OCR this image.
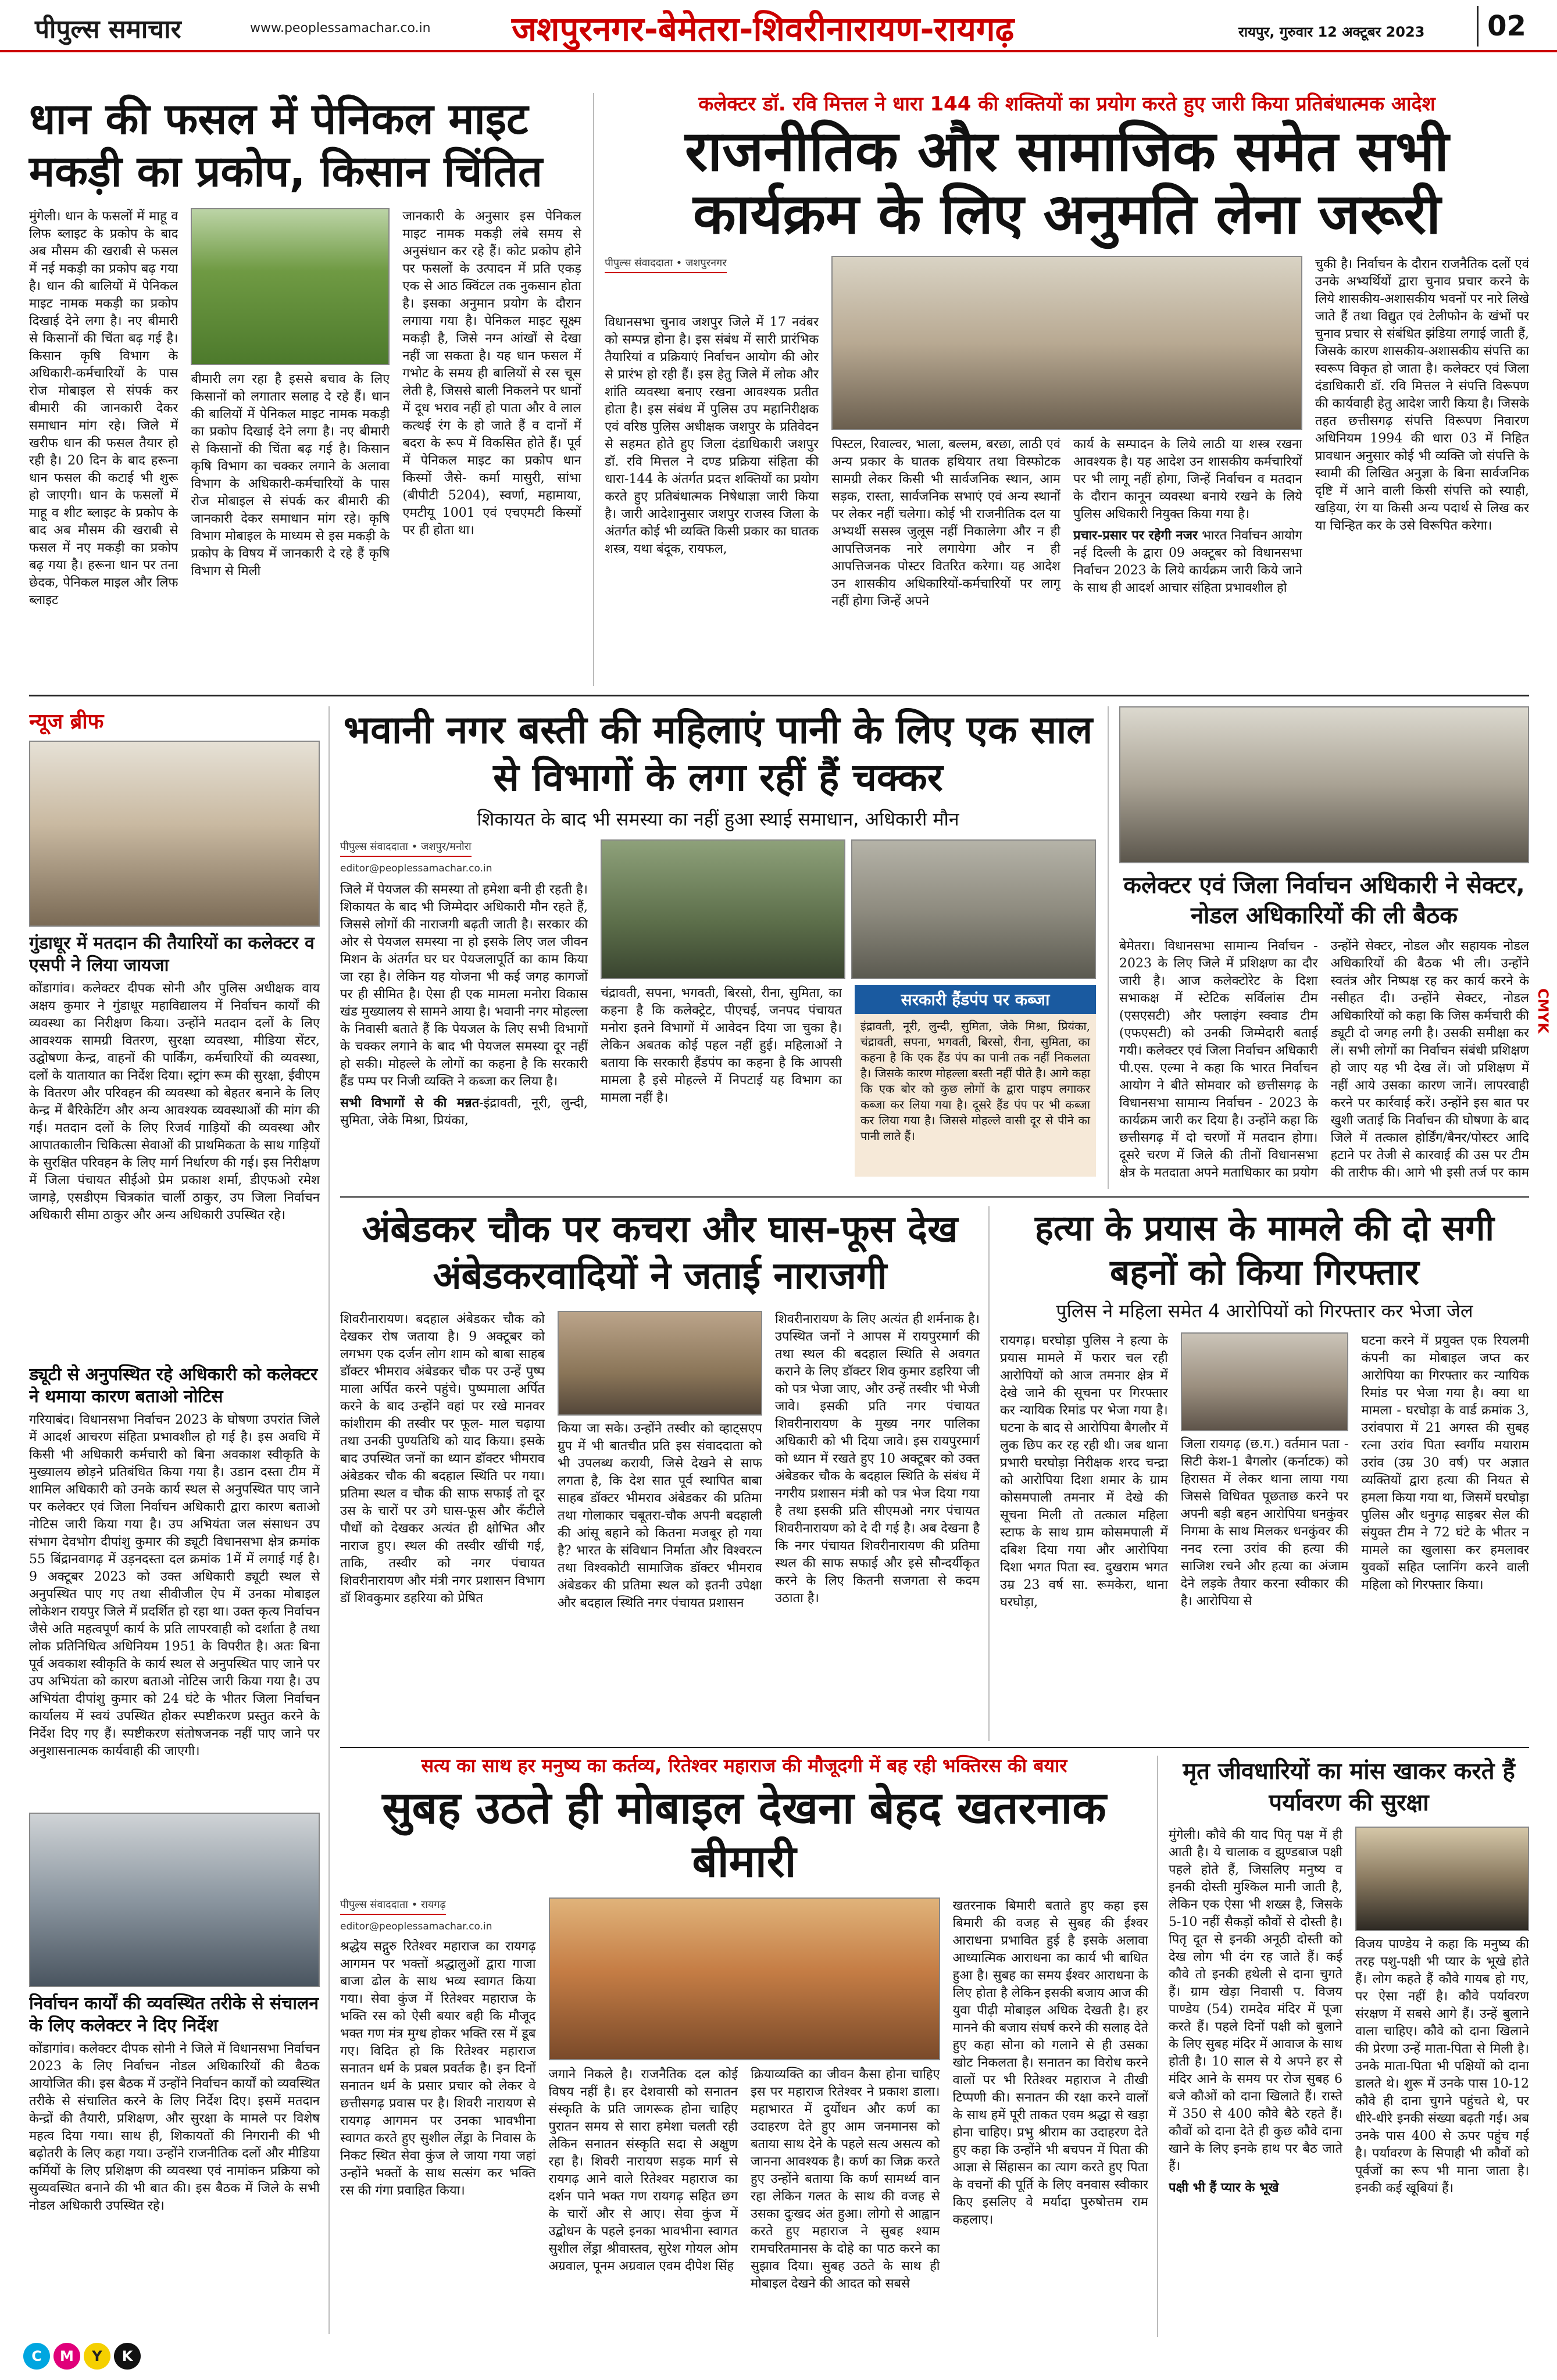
पीपुल्स समाचार	www.peoplessamachar.co.in जशपुरनगर-बेमेतरा-शिवरीनारायण-रायगढ़	रायपुर, गुरुवार 12 अक्टूबर 2023	02
धान की फसल में पेनिकल माइट मकड़ी का प्रकोप, किसान चिंतित

मुंगेली। धान के फसलों में माहू व लिफ ब्लाइट के प्रकोप के बाद अब मौसम की खराबी से फसल में नई मकड़ी का प्रकोप बढ़ गया है। धान की बालियों में पेनिकल माइट नामक मकड़ी का प्रकोप दिखाई देने लगा है। नए बीमारी से किसानों की चिंता बढ़ गई है। किसान कृषि विभाग के अधिकारी-कर्मचारियों के पास रोज मोबाइल से संपर्क कर बीमारी की जानकारी देकर समाधान मांग रहे। जिले में खरीफ धान की फसल तैयार हो रही है। 20 दिन के बाद हरूना धान फसल की कटाई भी शुरू हो जाएगी। धान के फसलों में माहू व शीट ब्लाइट के प्रकोप के बाद अब मौसम की खराबी से फसल में नए मकड़ी का प्रकोप बढ़ गया है। हरूना धान पर तना छेदक, पेनिकल माइल और लिफ ब्लाइट

बीमारी लग रहा है इससे बचाव के लिए किसानों को लगातार सलाह दे रहे हैं। धान की बालियों में पेनिकल माइट नामक मकड़ी का प्रकोप दिखाई देने लगा है। नए बीमारी से किसानों की चिंता बढ़ गई है। किसान कृषि विभाग का चक्कर लगाने के अलावा विभाग के अधिकारी-कर्मचारियों के पास रोज मोबाइल से संपर्क कर बीमारी की जानकारी देकर समाधान मांग रहे। कृषि विभाग मोबाइल के माध्यम से इस मकड़ी के प्रकोप के विषय में जानकारी दे रहे हैं कृषि विभाग से मिली

जानकारी के अनुसार इस पेनिकल माइट नामक मकड़ी लंबे समय से अनुसंधान कर रहे हैं। कोट प्रकोप होने पर फसलों के उत्पादन में प्रति एकड़ एक से आठ क्विंटल तक नुकसान होता है। इसका अनुमान प्रयोग के दौरान लगाया गया है। पेनिकल माइट सूक्ष्म मकड़ी है, जिसे नग्न आंखों से देखा नहीं जा सकता है। यह धान फसल में गभोट के समय ही बालियों से रस चूस लेती है, जिससे बाली निकलने पर धानों में दूध भराव नहीं हो पाता और वे लाल कत्थई रंग के हो जाते हैं व दानों में बदरा के रूप में विकसित होते हैं। पूर्व में पेनिकल माइट का प्रकोप धान किस्मों जैसे- कर्मा मासुरी, सांभा (बीपीटी 5204), स्वर्णा, महामाया, एमटीयू 1001 एवं एचएमटी किस्मों पर ही होता था।

कलेक्टर डॉ. रवि मित्तल ने धारा 144 की शक्तियों का प्रयोग करते हुए जारी किया प्रतिबंधात्मक आदेश
राजनीतिक और सामाजिक समेत सभी कार्यक्रम के लिए अनुमति लेना जरूरी
पीपुल्स संवाददाता • जशपुरनगर

विधानसभा चुनाव जशपुर जिले में 17 नवंबर को सम्पन्न होना है। इस संबंध में सारी प्रारंभिक तैयारियां व प्रक्रियाएं निर्वाचन आयोग की ओर से प्रारंभ हो रही हैं। इस हेतु जिले में लोक और शांति व्यवस्था बनाए रखना आवश्यक प्रतीत होता है। इस संबंध में पुलिस उप महानिरीक्षक एवं वरिष्ठ पुलिस अधीक्षक जशपुर के प्रतिवेदन से सहमत होते हुए जिला दंडाधिकारी जशपुर डॉ. रवि मित्तल ने दण्ड प्रक्रिया संहिता की धारा-144 के अंतर्गत प्रदत्त शक्तियों का प्रयोग करते हुए प्रतिबंधात्मक निषेधाज्ञा जारी किया है। जारी आदेशानुसार जशपुर राजस्व जिला के अंतर्गत कोई भी व्यक्ति किसी प्रकार का घातक शस्त्र, यथा बंदूक, रायफल,

पिस्टल, रिवाल्वर, भाला, बल्लम, बरछा, लाठी एवं अन्य प्रकार के घातक हथियार तथा विस्फोटक सामग्री लेकर किसी भी सार्वजनिक स्थान, आम सड़क, रास्ता, सार्वजनिक सभाएं एवं अन्य स्थानों पर लेकर नहीं चलेगा। कोई भी राजनीतिक दल या अभ्यर्थी ससस्त्र जुलूस नहीं निकालेगा और न ही आपत्तिजनक नारे लगायेगा और न ही आपत्तिजनक पोस्टर वितरित करेगा। यह आदेश उन शासकीय अधिकारियों-कर्मचारियों पर लागू नहीं होगा जिन्हें अपने

कार्य के सम्पादन के लिये लाठी या शस्त्र रखना आवश्यक है। यह आदेश उन शासकीय कर्मचारियों पर भी लागू नहीं होगा, जिन्हें निर्वाचन व मतदान के दौरान कानून व्यवस्था बनाये रखने के लिये पुलिस अधिकारी नियुक्त किया गया है।

प्रचार-प्रसार पर रहेगी नजर भारत निर्वाचन आयोग नई दिल्ली के द्वारा 09 अक्टूबर को विधानसभा निर्वाचन 2023 के लिये कार्यक्रम जारी किये जाने के साथ ही आदर्श आचार संहिता प्रभावशील हो

चुकी है। निर्वाचन के दौरान राजनैतिक दलों एवं उनके अभ्यर्थियों द्वारा चुनाव प्रचार करने के लिये शासकीय-अशासकीय भवनों पर नारे लिखे जाते हैं तथा विद्युत एवं टेलीफोन के खंभों पर चुनाव प्रचार से संबंधित झंडिया लगाई जाती हैं, जिसके कारण शासकीय-अशासकीय संपत्ति का स्वरूप विकृत हो जाता है। कलेक्टर एवं जिला दंडाधिकारी डॉ. रवि मित्तल ने संपत्ति विरूपण की कार्यवाही हेतु आदेश जारी किया है। जिसके तहत छत्तीसगढ़ संपत्ति विरूपण निवारण अधिनियम 1994 की धारा 03 में निहित प्रावधान अनुसार कोई भी व्यक्ति जो संपत्ति के स्वामी की लिखित अनुज्ञा के बिना सार्वजनिक दृष्टि में आने वाली किसी संपत्ति को स्याही, खड़िया, रंग या किसी अन्य पदार्थ से लिख कर या चिन्हित कर के उसे विरूपित करेगा।

न्यूज ब्रीफ
गुंडाधूर में मतदान की तैयारियों का कलेक्टर व एसपी ने लिया जायजा

कोंडागांव। कलेक्टर दीपक सोनी और पुलिस अधीक्षक वाय अक्षय कुमार ने गुंडाधूर महाविद्यालय में निर्वाचन कार्यों की व्यवस्था का निरीक्षण किया। उन्होंने मतदान दलों के लिए आवश्यक सामग्री वितरण, सुरक्षा व्यवस्था, मीडिया सेंटर, उद्घोषणा केन्द्र, वाहनों की पार्किंग, कर्मचारियों की व्यवस्था, दलों के यातायात का निर्देश दिया। स्ट्रांग रूम की सुरक्षा, ईवीएम के वितरण और परिवहन की व्यवस्था को बेहतर बनाने के लिए केन्द्र में बैरिकेटिंग और अन्य आवश्यक व्यवस्थाओं की मांग की गई। मतदान दलों के लिए रिजर्व गाड़ियों की व्यवस्था और आपातकालीन चिकित्सा सेवाओं की प्राथमिकता के साथ गाड़ियों के सुरक्षित परिवहन के लिए मार्ग निर्धारण की गई। इस निरीक्षण में जिला पंचायत सीईओ प्रेम प्रकाश शर्मा, डीएफओ रमेश जागड़े, एसडीएम चित्रकांत चार्ली ठाकुर, उप जिला निर्वाचन अधिकारी सीमा ठाकुर और अन्य अधिकारी उपस्थित रहे।

ड्यूटी से अनुपस्थित रहे अधिकारी को कलेक्टर ने थमाया कारण बताओ नोटिस

गरियाबंद। विधानसभा निर्वाचन 2023 के घोषणा उपरांत जिले में आदर्श आचरण संहिता प्रभावशील हो गई है। इस अवधि में किसी भी अधिकारी कर्मचारी को बिना अवकाश स्वीकृति के मुख्यालय छोड़ने प्रतिबंधित किया गया है। उडान दस्ता टीम में शामिल अधिकारी को उनके कार्य स्थल से अनुपस्थित पाए जाने पर कलेक्टर एवं जिला निर्वाचन अधिकारी द्वारा कारण बताओ नोटिस जारी किया गया है। उप अभियंता जल संसाधन उप संभाग देवभोग दीपांशु कुमार की ड्यूटी विधानसभा क्षेत्र क्रमांक 55 बिंद्रानवागढ़ में उड़नदस्ता दल क्रमांक 1में में लगाई गई है। 9 अक्टूबर 2023 को उक्त अधिकारी ड्यूटी स्थल से अनुपस्थित पाए गए तथा सीवीजील ऐप में उनका मोबाइल लोकेशन रायपुर जिले में प्रदर्शित हो रहा था। उक्त कृत्य निर्वाचन जैसे अति महत्वपूर्ण कार्य के प्रति लापरवाही को दर्शाता है तथा लोक प्रतिनिधित्व अधिनियम 1951 के विपरीत है। अतः बिना पूर्व अवकाश स्वीकृति के कार्य स्थल से अनुपस्थित पाए जाने पर उप अभियंता को कारण बताओ नोटिस जारी किया गया है। उप अभियंता दीपांशु कुमार को 24 घंटे के भीतर जिला निर्वाचन कार्यालय में स्वयं उपस्थित होकर स्पष्टीकरण प्रस्तुत करने के निर्देश दिए गए हैं। स्पष्टीकरण संतोषजनक नहीं पाए जाने पर अनुशासनात्मक कार्यवाही की जाएगी।

निर्वाचन कार्यों की व्यवस्थित तरीके से संचालन के लिए कलेक्टर ने दिए निर्देश

कोंडागांव। कलेक्टर दीपक सोनी ने जिले में विधानसभा निर्वाचन 2023 के लिए निर्वाचन नोडल अधिकारियों की बैठक आयोजित की। इस बैठक में उन्होंने निर्वाचन कार्यों को व्यवस्थित तरीके से संचालित करने के लिए निर्देश दिए। इसमें मतदान केन्द्रों की तैयारी, प्रशिक्षण, और सुरक्षा के मामले पर विशेष महत्व दिया गया। साथ ही, शिकायतों की निगरानी की भी बढ़ोतरी के लिए कहा गया। उन्होंने राजनीतिक दलों और मीडिया कर्मियों के लिए प्रशिक्षण की व्यवस्था एवं नामांकन प्रक्रिया को सुव्यवस्थित बनाने की भी बात की। इस बैठक में जिले के सभी नोडल अधिकारी उपस्थित रहे।

भवानी नगर बस्ती की महिलाएं पानी के लिए एक साल से विभागों के लगा रहीं हैं चक्कर
शिकायत के बाद भी समस्या का नहीं हुआ स्थाई समाधान, अधिकारी मौन
पीपुल्स संवाददाता • जशपुर/मनोरा
editor@peoplessamachar.co.in

जिले में पेयजल की समस्या तो हमेशा बनी ही रहती है। शिकायत के बाद भी जिम्मेदार अधिकारी मौन रहते हैं, जिससे लोगों की नाराजगी बढ़ती जाती है। सरकार की ओर से पेयजल समस्या ना हो इसके लिए जल जीवन मिशन के अंतर्गत घर घर पेयजलापूर्ति का काम किया जा रहा है। लेकिन यह योजना भी कई जगह कागजों पर ही सीमित है। ऐसा ही एक मामला मनोरा विकास खंड मुख्यालय से सामने आया है। भवानी नगर मोहल्ला के निवासी बताते हैं कि पेयजल के लिए सभी विभागों के चक्कर लगाने के बाद भी पेयजल समस्या दूर नहीं हो सकी। मोहल्ले के लोगों का कहना है कि सरकारी हैंड पम्प पर निजी व्यक्ति ने कब्जा कर लिया है।

सभी विभागों से की मन्नत-इंद्रावती, नूरी, लुन्दी, सुमिता, जेके मिश्रा, प्रियंका,

चंद्रावती, सपना, भगवती, बिरसो, रीना, सुमिता, का कहना है कि कलेक्ट्रेट, पीएचई, जनपद पंचायत मनोरा इतने विभागों में आवेदन दिया जा चुका है। लेकिन अबतक कोई पहल नहीं हुई। महिलाओं ने बताया कि सरकारी हैंडपंप का कहना है कि आपसी मामला है इसे मोहल्ले में निपटाई यह विभाग का मामला नहीं है।

सरकारी हैंडपंप पर कब्जा

इंद्रावती, नूरी, लुन्दी, सुमिता, जेके मिश्रा, प्रियंका, चंद्रावती, सपना, भगवती, बिरसो, रीना, सुमिता, का कहना है कि एक हैंड पंप का पानी तक नहीं निकलता है। जिसके कारण मोहल्ला बस्ती नहीं पीते है। आगे कहा कि एक बोर को कुछ लोगों के द्वारा पाइप लगाकर कब्जा कर लिया गया है। दूसरे हैंड पंप पर भी कब्जा कर लिया गया है। जिससे मोहल्ले वासी दूर से पीने का पानी लाते हैं।

कलेक्टर एवं जिला निर्वाचन अधिकारी ने सेक्टर, नोडल अधिकारियों की ली बैठक

बेमेतरा। विधानसभा सामान्य निर्वाचन - 2023 के लिए जिले में प्रशिक्षण का दौर जारी है। आज कलेक्टोरेट के दिशा सभाकक्ष में स्टेटिक सर्विलांस टीम (एसएसटी) और फ्लाइंग स्क्वाड टीम (एफएसटी) को उनकी जिम्मेदारी बताई गयी। कलेक्टर एवं जिला निर्वाचन अधिकारी पी.एस. एल्मा ने कहा कि भारत निर्वाचन आयोग ने बीते सोमवार को छत्तीसगढ़ के विधानसभा सामान्य निर्वाचन - 2023 के कार्यक्रम जारी कर दिया है। उन्होंने कहा कि छत्तीसगढ़ में दो चरणों में मतदान होगा। दूसरे चरण में जिले की तीनों विधानसभा क्षेत्र के मतदाता अपने मताधिकार का प्रयोग

उन्होंने सेक्टर, नोडल और सहायक नोडल अधिकारियों की बैठक भी ली। उन्होंने स्वतंत्र और निष्पक्ष रह कर कार्य करने के नसीहत दी। उन्होंने सेक्टर, नोडल अधिकारियों को कहा कि जिस कर्मचारी की ड्यूटी दो जगह लगी है। उसकी समीक्षा कर लें। सभी लोगों का निर्वाचन संबंधी प्रशिक्षण हो जाए यह भी देख लें। जो प्रशिक्षण में नहीं आये उसका कारण जानें। लापरवाही करने पर कार्रवाई करें। उन्होंने इस बात पर खुशी जताई कि निर्वाचन की घोषणा के बाद जिले में तत्काल होर्डिंग/बैनर/पोस्टर आदि हटाने पर तेजी से कारवाई की उस पर टीम की तारीफ की। आगे भी इसी तर्ज पर काम

अंबेडकर चौक पर कचरा और घास-फूस देख अंबेडकरवादियों ने जताई नाराजगी

शिवरीनारायण। बदहाल अंबेडकर चौक को देखकर रोष जताया है। 9 अक्टूबर को लगभग एक दर्जन लोग शाम को बाबा साहब डॉक्टर भीमराव अंबेडकर चौक पर उन्हें पुष्प माला अर्पित करने पहुंचे। पुष्पमाला अर्पित करने के बाद उन्होंने वहां पर रखे मानवर कांशीराम की तस्वीर पर फूल- माल चढ़ाया तथा उनकी पुण्यतिथि को याद किया। इसके बाद उपस्थित जनों का ध्यान डॉक्टर भीमराव अंबेडकर चौक की बदहाल स्थिति पर गया। प्रतिमा स्थल व चौक की साफ सफाई तो दूर उस के चारों पर उगे घास-फूस और कँटीले पौधों को देखकर अत्यंत ही क्षोभित और नाराज हुए। स्थल की तस्वीर खींची गई, ताकि, तस्वीर को नगर पंचायत शिवरीनारायण और मंत्री नगर प्रशासन विभाग डॉ शिवकुमार डहरिया को प्रेषित

किया जा सके। उन्होंने तस्वीर को व्हाट्सएप ग्रुप में भी बातचीत प्रति इस संवाददाता को भी उपलब्ध करायी, जिसे देखने से साफ लगता है, कि देश सात पूर्व स्थापित बाबा साहब डॉक्टर भीमराव अंबेडकर की प्रतिमा तथा गोलाकार चबूतरा-चौक अपनी बदहाली की आंसू बहाने को कितना मजबूर हो गया है? भारत के संविधान निर्माता और विश्वरत्न तथा विश्वकोटी सामाजिक डॉक्टर भीमराव अंबेडकर की प्रतिमा स्थल को इतनी उपेक्षा और बदहाल स्थिति नगर पंचायत प्रशासन

शिवरीनारायण के लिए अत्यंत ही शर्मनाक है। उपस्थित जनों ने आपस में रायपुरमार्ग की तथा स्थल की बदहाल स्थिति से अवगत कराने के लिए डॉक्टर शिव कुमार डहरिया जी को पत्र भेजा जाए, और उन्हें तस्वीर भी भेजी जावे। इसकी प्रति नगर पंचायत शिवरीनारायण के मुख्य नगर पालिका अधिकारी को भी दिया जावे। इस रायपुरमार्ग को ध्यान में रखते हुए 10 अक्टूबर को उक्त अंबेडकर चौक के बदहाल स्थिति के संबंध में नगरीय प्रशासन मंत्री को पत्र भेज दिया गया है तथा इसकी प्रति सीएमओ नगर पंचायत शिवरीनारायण को दे दी गई है। अब देखना है कि नगर पंचायत शिवरीनारायण की प्रतिमा स्थल की साफ सफाई और इसे सौन्दर्यीकृत करने के लिए कितनी सजगता से कदम उठाता है।

हत्या के प्रयास के मामले की दो सगी बहनों को किया गिरफ्तार
पुलिस ने महिला समेत 4 आरोपियों को गिरफ्तार कर भेजा जेल

रायगढ़। घरघोड़ा पुलिस ने हत्या के प्रयास मामले में फरार चल रही आरोपियों को आज तमनार क्षेत्र में देखे जाने की सूचना पर गिरफ्तार कर न्यायिक रिमांड पर भेजा गया है। घटना के बाद से आरोपिया बैगलौर में लुक छिप कर रह रही थी। जब थाना प्रभारी घरघोड़ा निरीक्षक शरद चन्द्रा को आरोपिया दिशा शमार के ग्राम कोसमपाली तमनार में देखे की सूचना मिली तो तत्काल महिला स्टाफ के साथ ग्राम कोसमपाली में दबिश दिया गया और आरोपिया दिशा भगत पिता स्व. दुखराम भगत उम्र 23 वर्ष सा. रूमकेरा, थाना घरघोड़ा,

जिला रायगढ़ (छ.ग.) वर्तमान पता - सिटी केश-1 बैगलोर (कर्नाटक) को हिरासत में लेकर थाना लाया गया जिससे विधिवत पूछताछ करने पर अपनी बड़ी बहन आरोपिया धनकुंवर निगमा के साथ मिलकर धनकुंवर की ननद रत्ना उरांव की हत्या की साजिश रचने और हत्या का अंजाम देने लड़के तैयार करना स्वीकार की है। आरोपिया से

घटना करने में प्रयुक्त एक रियलमी कंपनी का मोबाइल जप्त कर आरोपिया का गिरफ्तार कर न्यायिक रिमांड पर भेजा गया है। क्या था मामला - घरघोड़ा के वार्ड क्रमांक 3, उरांवपारा में 21 अगस्त की सुबह रत्ना उरांव पिता स्वर्गीय मयाराम उरांव (उम्र 30 वर्ष) पर अज्ञात व्यक्तियों द्वारा हत्या की नियत से हमला किया गया था, जिसमें घरघोड़ा पुलिस और धनुगढ़ साइबर सेल की संयुक्त टीम ने 72 घंटे के भीतर न मामले का खुलासा कर हमलावर युवकों सहित प्लानिंग करने वाली महिला को गिरफ्तार किया।

सत्य का साथ हर मनुष्य का कर्तव्य, रितेश्वर महाराज की मौजूदगी में बह रही भक्तिरस की बयार
सुबह उठते ही मोबाइल देखना बेहद खतरनाक बीमारी
पीपुल्स संवाददाता • रायगढ़
editor@peoplessamachar.co.in

श्रद्धेय सद्गुरु रितेश्वर महाराज का रायगढ़ आगमन पर भक्तों श्रद्धालुओं द्वारा गाजा बाजा ढोल के साथ भव्य स्वागत किया गया। सेवा कुंज में रितेश्वर महाराज के भक्ति रस को ऐसी बयार बही कि मौजूद भक्त गण मंत्र मुग्ध होकर भक्ति रस में डूब गए। विदित हो कि रितेश्वर महाराज सनातन धर्म के प्रबल प्रवर्तक है। इन दिनों सनातन धर्म के प्रसार प्रचार को लेकर वे छत्तीसगढ़ प्रवास पर है। शिवरी नारायण से रायगढ़ आगमन पर उनका भावभीना स्वागत करते हुए सुशील लेंड्रा के निवास के निकट स्थित सेवा कुंज ले जाया गया जहां उन्होंने भक्तों के साथ सत्संग कर भक्ति रस की गंगा प्रवाहित किया।

जगाने निकले है। राजनैतिक दल कोई विषय नहीं है। हर देशवासी को सनातन संस्कृति के प्रति जागरूक होना चाहिए पुरातन समय से सारा हमेशा चलती रही लेकिन सनातन संस्कृति सदा से अक्षुण रहा है। शिवरी नारायण सड़क मार्ग से रायगढ़ आने वाले रितेश्वर महाराज का दर्शन पाने भक्त गण रायगढ़ सहित छग के चारों और से आए। सेवा कुंज में उद्बोधन के पहले इनका भावभीना स्वागत सुशील लेंड्रा श्रीवास्तव, सुरेश गोयल ओम अग्रवाल, पूनम अग्रवाल एवम दीपेश सिंह

क्रियाव्यक्ति का जीवन कैसा होना चाहिए इस पर महाराज रितेश्वर ने प्रकाश डाला। महाभारत में दुर्योधन और कर्ण का उदाहरण देते हुए आम जनमानस को बताया साथ देने के पहले सत्य असत्य को जानना आवश्यक है। कर्ण का जिक्र करते हुए उन्होंने बताया कि कर्ण सामर्थ्य वान रहा लेकिन गलत के साथ की वजह से उसका दुःखद अंत हुआ। लोगो से आह्वान करते हुए महाराज ने सुबह श्याम रामचरितमानस के दोहे का पाठ करने का सुझाव दिया। सुबह उठते के साथ ही मोबाइल देखने की आदत को सबसे

खतरनाक बिमारी बताते हुए कहा इस बिमारी की वजह से सुबह की ईश्वर आराधना प्रभावित हुई है इसके अलावा आध्यात्मिक आराधना का कार्य भी बाधित हुआ है। सुबह का समय ईश्वर आराधना के लिए होता है लेकिन इसकी बजाय आज की युवा पीढ़ी मोबाइल अधिक देखती है। हर मानने की बजाय संघर्ष करने की सलाह देते हुए कहा सोना को गलाने से ही उसका खोट निकलता है। सनातन का विरोध करने वालों पर भी रितेश्वर महाराज ने तीखी टिप्पणी की। सनातन की रक्षा करने वालों के साथ हमें पूरी ताकत एवम श्रद्धा से खड़ा होना चाहिए। प्रभु श्रीराम का उदाहरण देते हुए कहा कि उन्होंने भी बचपन में पिता की आज्ञा से सिंहासन का त्याग करते हुए पिता के वचनों की पूर्ति के लिए वनवास स्वीकार किए इसलिए वे मर्यादा पुरुषोत्तम राम कहलाए।

मृत जीवधारियों का मांस खाकर करते हैं पर्यावरण की सुरक्षा

मुंगेली। कौवे की याद पितृ पक्ष में ही आती है। ये चालाक व झुण्डबाज पक्षी पहले होते हैं, जिसलिए मनुष्य व इनकी दोस्ती मुश्किल मानी जाती है, लेकिन एक ऐसा भी शख्स है, जिसके 5-10 नहीं सैकड़ों कौवों से दोस्ती है। पितृ दूत से इनकी अनूठी दोस्ती को देख लोग भी दंग रह जाते हैं। कई कौवे तो इनकी हथेली से दाना चुगते हैं। ग्राम खेड़ा निवासी प. विजय पाण्डेय (54) रामदेव मंदिर में पूजा करते हैं। पहले दिनों पक्षी को बुलाने के लिए सुबह मंदिर में आवाज के साथ होती है। 10 साल से ये अपने हर से मंदिर आने के समय पर रोज सुबह 6 बजे कौओं को दाना खिलाते हैं। रास्ते में 350 से 400 कौवे बैठे रहते हैं। कौवों को दाना देते ही कुछ कौवे दाना खाने के लिए इनके हाथ पर बैठ जाते हैं।

पक्षी भी हैं प्यार के भूखे

विजय पाण्डेय ने कहा कि मनुष्य की तरह पशु-पक्षी भी प्यार के भूखे होते हैं। लोग कहते हैं कौवे गायब हो गए, पर ऐसा नहीं है। कौवे पर्यावरण संरक्षण में सबसे आगे हैं। उन्हें बुलाने वाला चाहिए। कौवे को दाना खिलाने की प्रेरणा उन्हें माता-पिता से मिली है। उनके माता-पिता भी पक्षियों को दाना डालते थे। शुरू में उनके पास 10-12 कौवे ही दाना चुगने पहुंचते थे, पर धीरे-धीरे इनकी संख्या बढ़ती गई। अब उनके पास 400 से ऊपर पहुंच गई है। पर्यावरण के सिपाही भी कौवों को पूर्वजों का रूप भी माना जाता है। इनकी कई खूबियां हैं।

C	M	Y	K
CMYK
